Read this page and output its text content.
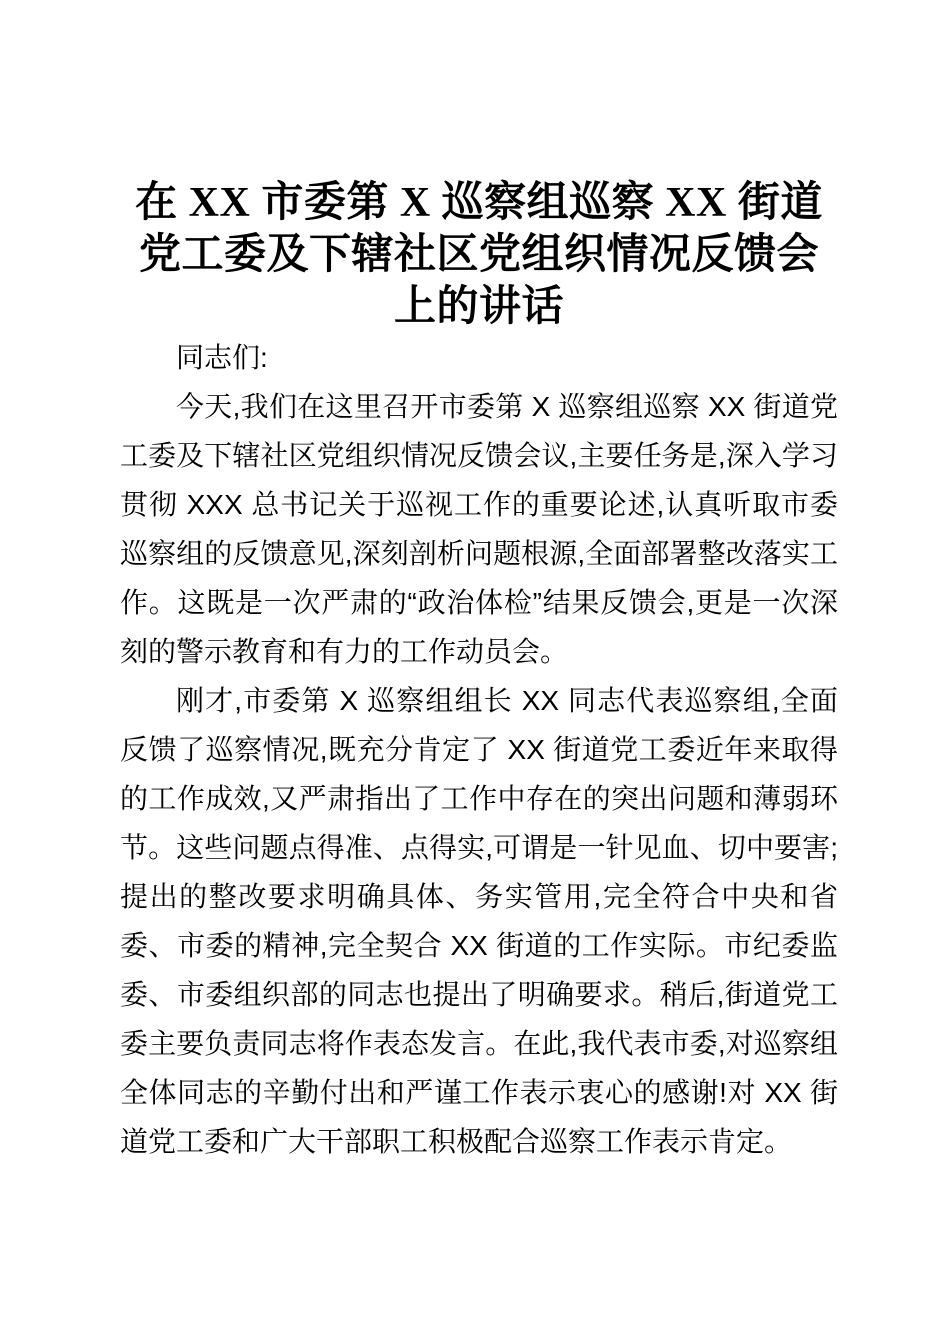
在 XX 市委第 X 巡察组巡察 XX 街道党工委及下辖社区党组织情况反馈会上的讲话

同志们:

今天,我们在这里召开市委第 X 巡察组巡察 XX 街道党工委及下辖社区党组织情况反馈会议,主要任务是,深入学习贯彻 XXX 总书记关于巡视工作的重要论述,认真听取市委巡察组的反馈意见,深刻剖析问题根源,全面部署整改落实工作。这既是一次严肃的“政治体检”结果反馈会,更是一次深刻的警示教育和有力的工作动员会。

刚才,市委第 X 巡察组组长 XX 同志代表巡察组,全面反馈了巡察情况,既充分肯定了 XX 街道党工委近年来取得的工作成效,又严肃指出了工作中存在的突出问题和薄弱环节。这些问题点得准、点得实,可谓是一针见血、切中要害;提出的整改要求明确具体、务实管用,完全符合中央和省委、市委的精神,完全契合 XX 街道的工作实际。市纪委监委、市委组织部的同志也提出了明确要求。稍后,街道党工委主要负责同志将作表态发言。在此,我代表市委,对巡察组全体同志的辛勤付出和严谨工作表示衷心的感谢!对 XX 街道党工委和广大干部职工积极配合巡察工作表示肯定。
